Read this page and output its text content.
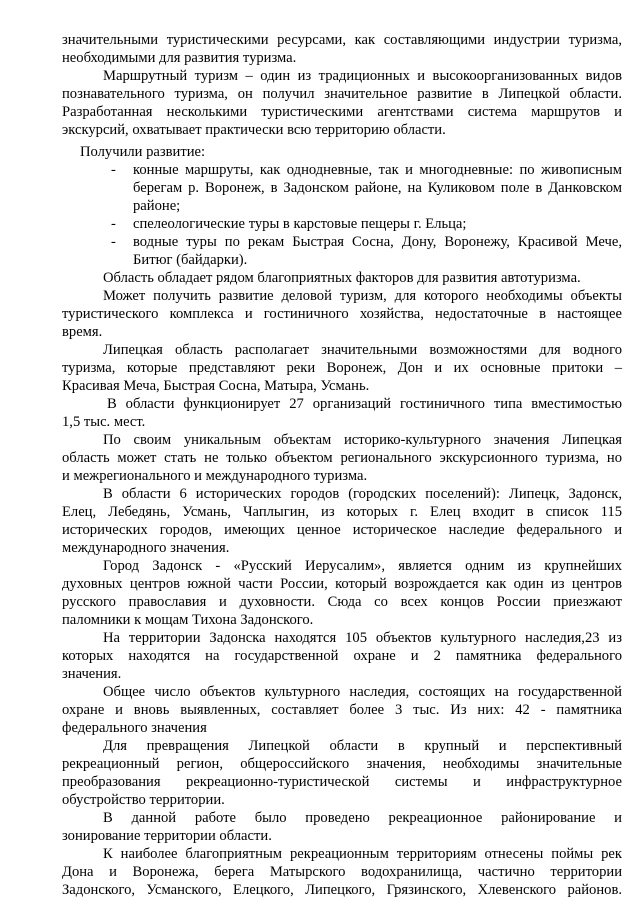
значительными туристическими ресурсами, как составляющими индустрии туризма,
необходимыми для развития туризма.
Маршрутный туризм – один из традиционных и высокоорганизованных видов
познавательного туризма, он получил значительное развитие в Липецкой области.
Разработанная несколькими туристическими агентствами система маршрутов и
экскурсий, охватывает практически всю территорию области.
Получили развитие:
- конные маршруты, как однодневные, так и многодневные: по живописным
берегам р. Воронеж, в Задонском районе, на Куликовом поле в Данковском
районе;
- спелеологические туры в карстовые пещеры г. Ельца;
- водные туры по рекам Быстрая Сосна, Дону, Воронежу, Красивой Мече,
Битюг (байдарки).
Область обладает рядом благоприятных факторов для развития автотуризма.
Может получить развитие деловой туризм, для которого необходимы объекты
туристического комплекса и гостиничного хозяйства, недостаточные в настоящее
время.
Липецкая область располагает значительными возможностями для водного
туризма, которые представляют реки Воронеж, Дон и их основные притоки –
Красивая Меча, Быстрая Сосна, Матыра, Усмань.
В области функционирует 27 организаций гостиничного типа вместимостью
1,5 тыс. мест.
По своим уникальным объектам историко-культурного значения Липецкая
область может стать не только объектом регионального экскурсионного туризма, но
и межрегионального и международного туризма.
В области 6 исторических городов (городских поселений): Липецк, Задонск,
Елец, Лебедянь, Усмань, Чаплыгин, из которых г. Елец входит в список 115
исторических городов, имеющих ценное историческое наследие федерального и
международного значения.
Город Задонск - «Русский Иерусалим», является одним из крупнейших
духовных центров южной части России, который возрождается как один из центров
русского православия и духовности. Сюда со всех концов России приезжают
паломники к мощам Тихона Задонского.
На территории Задонска находятся 105 объектов культурного наследия,23 из
которых находятся на государственной охране и 2 памятника федерального
значения.
Общее число объектов культурного наследия, состоящих на государственной
охране и вновь выявленных, составляет более 3 тыс. Из них: 42 - памятника
федерального значения
Для превращения Липецкой области в крупный и перспективный
рекреационный регион, общероссийского значения, необходимы значительные
преобразования рекреационно-туристической системы и инфраструктурное
обустройство территории.
В данной работе было проведено рекреационное районирование и
зонирование территории области.
К наиболее благоприятным рекреационным территориям отнесены поймы рек
Дона и Воронежа, берега Матырского водохранилища, частично территории
Задонского, Усманского, Елецкого, Липецкого, Грязинского, Хлевенского районов.
